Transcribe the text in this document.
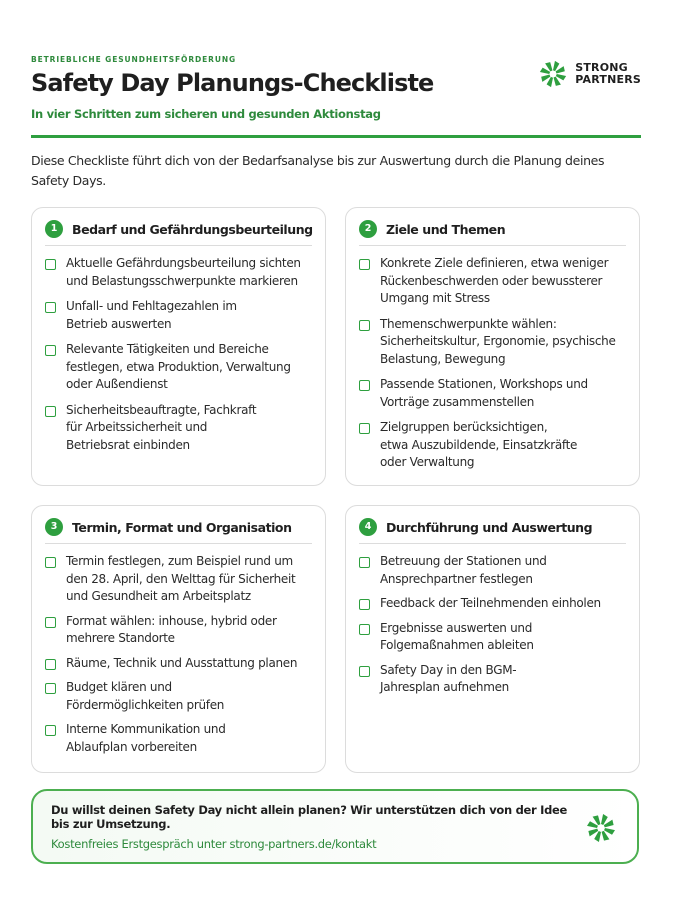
BETRIEBLICHE GESUNDHEITSFÖRDERUNG
Safety Day Planungs-Checkliste
In vier Schritten zum sicheren und gesunden Aktionstag
STRONG
PARTNERS
Diese Checkliste führt dich von der Bedarfsanalyse bis zur Auswertung durch die Planung deines Safety Days.
1	Bedarf und Gefährdungsbeurteilung
Aktuelle Gefährdungsbeurteilung sichten
und Belastungsschwerpunkte markieren
Unfall- und Fehltagezahlen im
Betrieb auswerten
Relevante Tätigkeiten und Bereiche
festlegen, etwa Produktion, Verwaltung
oder Außendienst
Sicherheitsbeauftragte, Fachkraft
für Arbeitssicherheit und
Betriebsrat einbinden
2	Ziele und Themen
Konkrete Ziele definieren, etwa weniger
Rückenbeschwerden oder bewussterer
Umgang mit Stress
Themenschwerpunkte wählen:
Sicherheitskultur, Ergonomie, psychische
Belastung, Bewegung
Passende Stationen, Workshops und
Vorträge zusammenstellen
Zielgruppen berücksichtigen,
etwa Auszubildende, Einsatzkräfte
oder Verwaltung
3	Termin, Format und Organisation
Termin festlegen, zum Beispiel rund um
den 28. April, den Welttag für Sicherheit
und Gesundheit am Arbeitsplatz
Format wählen: inhouse, hybrid oder
mehrere Standorte
Räume, Technik und Ausstattung planen
Budget klären und
Fördermöglichkeiten prüfen
Interne Kommunikation und
Ablaufplan vorbereiten
4	Durchführung und Auswertung
Betreuung der Stationen und
Ansprechpartner festlegen
Feedback der Teilnehmenden einholen
Ergebnisse auswerten und
Folgemaßnahmen ableiten
Safety Day in den BGM-
Jahresplan aufnehmen
Du willst deinen Safety Day nicht allein planen? Wir unterstützen dich von der Idee
bis zur Umsetzung.
Kostenfreies Erstgespräch unter strong-partners.de/kontakt
